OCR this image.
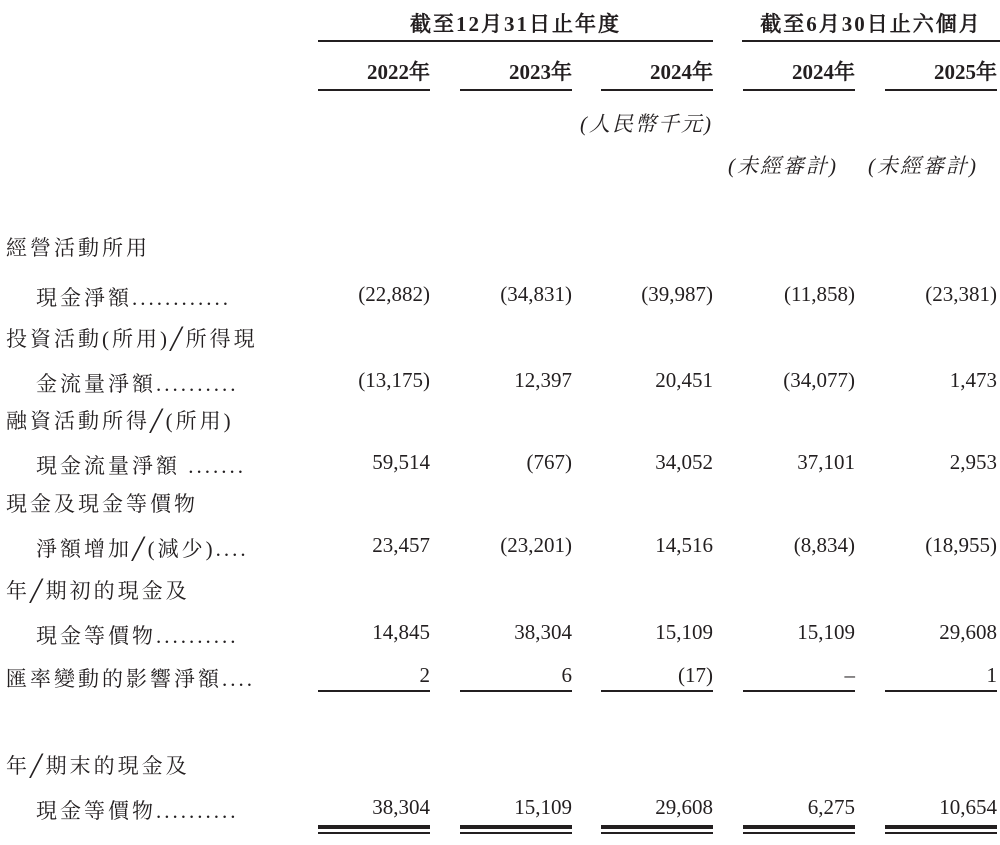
截至12月31日止年度	截至6月30日止六個月
(人民幣千元)
(未經審計) (未經審計)
2022年	2023年	2024年	2024年	2025年
經營活動所用
現金淨額............	(22,882)	(34,831)	(39,987)	(11,858)	(23,381)
投資活動(所用)╱所得現
金流量淨額..........	(13,175)	12,397	20,451	(34,077)	1,473
融資活動所得╱(所用)
現金流量淨額 .......	59,514	(767)	34,052	37,101	2,953
現金及現金等價物
淨額增加╱(減少)....	23,457	(23,201)	14,516	(8,834)	(18,955)
年╱期初的現金及
現金等價物..........	14,845	38,304	15,109	15,109	29,608
匯率變動的影響淨額....	2	6	(17)	–	1
年╱期末的現金及
現金等價物..........	38,304	15,109	29,608	6,275	10,654
